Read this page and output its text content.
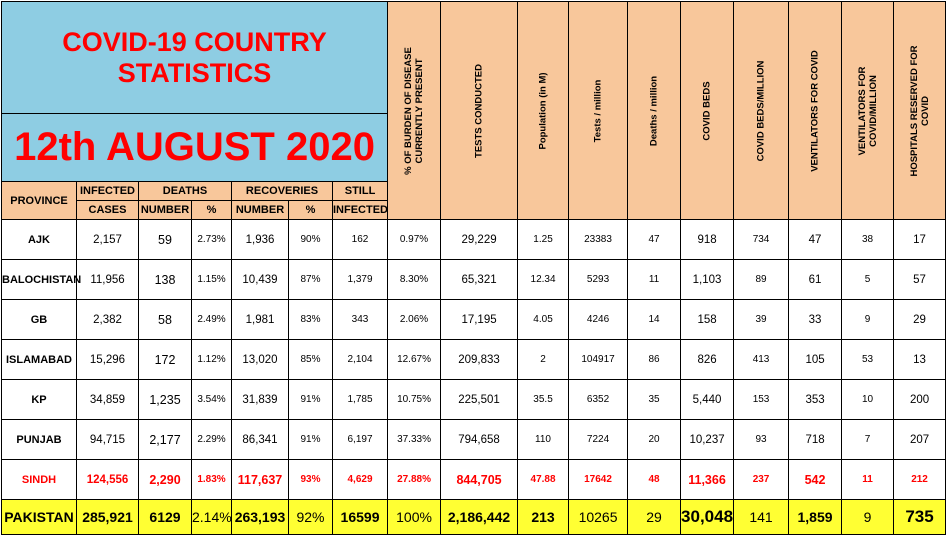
COVID-19 COUNTRY STATISTICS							% OF BURDEN OF DISEASE CURRENTLY PRESENT	TESTS CONDUCTED	Population (in M)	Tests / million	Deaths / million	COVID BEDS	COVID BEDS/MILLION	VENTILATORS FOR COVID	VENTILATORS FOR COVID/MILLION	HOSPITALS RESERVED FOR COVID

12th AUGUST 2020																
PROVINCE	INFECTED	DEATHS		RECOVERIES		STILL										
	CASES	NUMBER	%	NUMBER	%	INFECTED										
AJK	2,157	59	2.73%	1,936	90%	162	0.97%	29,229	1.25	23383	47	918	734	47	38	17
BALOCHISTAN	11,956	138	1.15%	10,439	87%	1,379	8.30%	65,321	12.34	5293	11	1,103	89	61	5	57
GB	2,382	58	2.49%	1,981	83%	343	2.06%	17,195	4.05	4246	14	158	39	33	9	29
ISLAMABAD	15,296	172	1.12%	13,020	85%	2,104	12.67%	209,833	2	104917	86	826	413	105	53	13
KP	34,859	1,235	3.54%	31,839	91%	1,785	10.75%	225,501	35.5	6352	35	5,440	153	353	10	200
PUNJAB	94,715	2,177	2.29%	86,341	91%	6,197	37.33%	794,658	110	7224	20	10,237	93	718	7	207
SINDH	124,556	2,290	1.83%	117,637	93%	4,629	27.88%	844,705	47.88	17642	48	11,366	237	542	11	212
PAKISTAN	285,921	6129	2.14%	263,193	92%	16599	100%	2,186,442	213	10265	29	30,048	141	1,859	9	735
